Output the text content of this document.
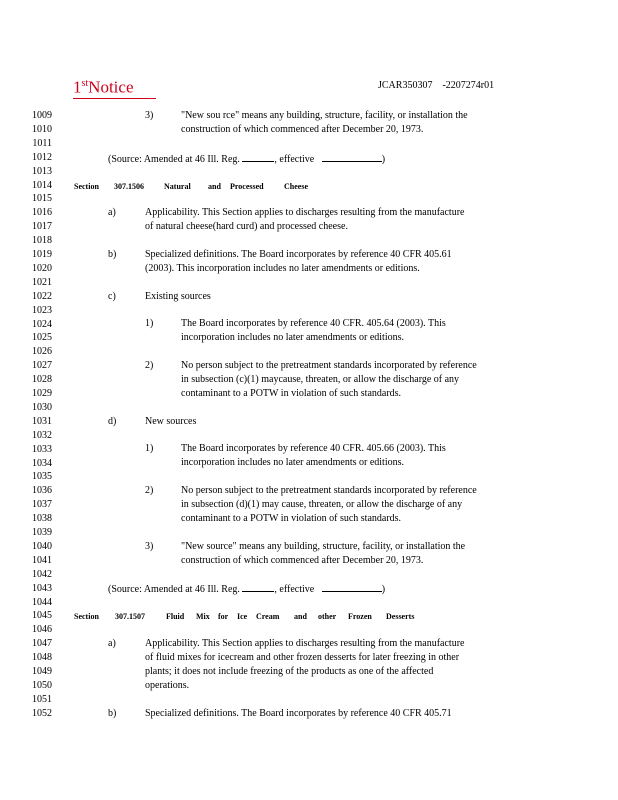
1stNotice	JCAR350307    -2207274r01
1009
1010
1011
1012
1013
1014
1015
1016
1017
1018
1019
1020
1021
1022
1023
1024
1025
1026
1027
1028
1029
1030
1031
1032
1033
1034
1035
1036
1037
1038
1039
1040
1041
1042
1043
1044
1045
1046
1047
1048
1049
1050
1051
1052
3)	"New sou rce" means any building, structure, facility, or installation the
construction of which commenced after December 20, 1973.
(Source: Amended at 46 Ill. Reg.	, effective	)
Section 307.1506	Natural and Processed	Cheese
a)	Applicability. This Section applies to discharges resulting from the manufacture
of natural cheese(hard curd) and processed cheese.
b)	Specialized definitions. The Board incorporates by reference 40 CFR 405.61
(2003). This incorporation includes no later amendments or editions.
c)	Existing sources
1)	The Board incorporates by reference 40 CFR. 405.64 (2003). This
incorporation includes no later amendments or editions.
2)	No person subject to the pretreatment standards incorporated by reference
in subsection (c)(1) maycause, threaten, or allow the discharge of any
contaminant to a POTW in violation of such standards.
d)	New sources
1)	The Board incorporates by reference 40 CFR. 405.66 (2003). This
incorporation includes no later amendments or editions.
2)	No person subject to the pretreatment standards incorporated by reference
in subsection (d)(1) may cause, threaten, or allow the discharge of any
contaminant to a POTW in violation of such standards.
3)	"New source" means any building, structure, facility, or installation the
construction of which commenced after December 20, 1973.
(Source: Amended at 46 Ill. Reg.	, effective	)
Section 307.1507	Fluid Mix for Ice Cream and other Frozen Desserts
a)	Applicability. This Section applies to discharges resulting from the manufacture
of fluid mixes for icecream and other frozen desserts for later freezing in other
plants; it does not include freezing of the products as one of the affected
operations.
b)	Specialized definitions. The Board incorporates by reference 40 CFR 405.71
